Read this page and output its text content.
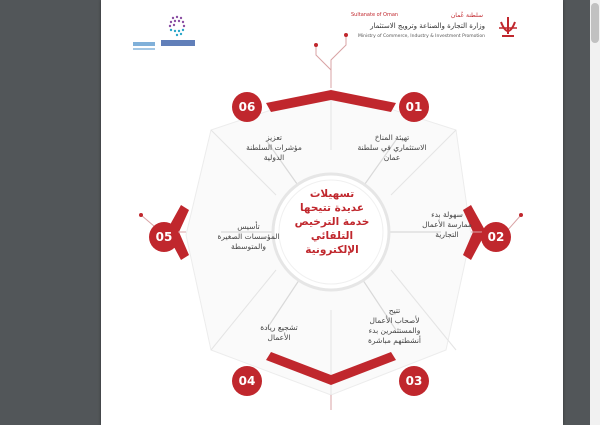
Sultanate of Oman	سلطنة عُمان
وزارة التجارة والصناعة وترويج الاستثمار
Ministry of Commerce, Industry & Investment Promotion
تسهيلات
عديدة تتيحها
خدمة الترخيص
التلقائي
الإلكترونية
06	01
02
05
04	03
تهيئة المناخ
الاستثماري في سلطنة
عمان
سهولة بدء
ممارسة الأعمال
التجارية
تتيح
لأصحاب الأعمال
والمستثمرين بدء
أنشطتهم مباشرة
تشجيع ريادة
الأعمال
تأسيس
المؤسسات الصغيرة
والمتوسطة
تعزيز
مؤشرات السلطنة
الدولية
